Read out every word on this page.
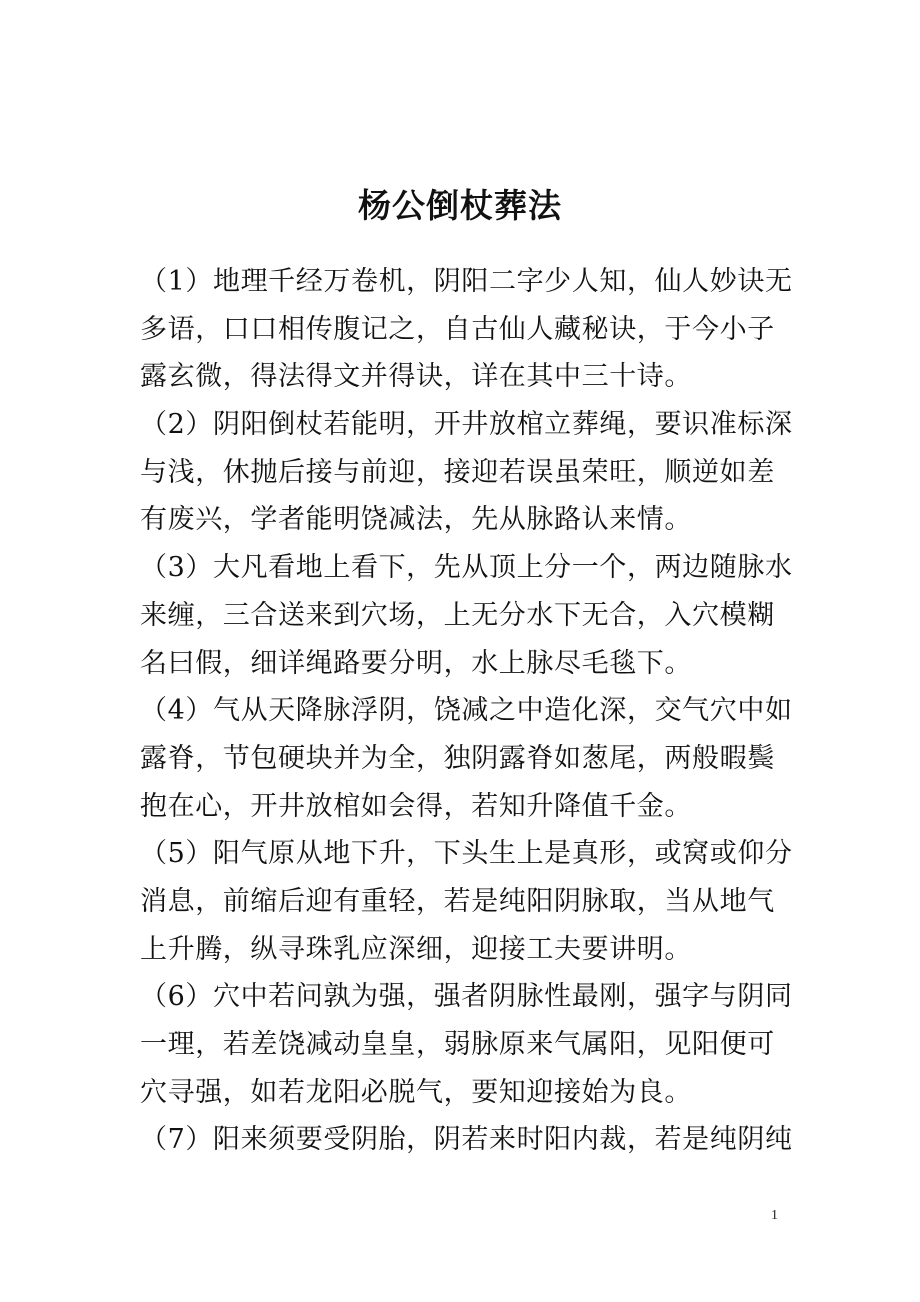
杨公倒杖葬法
（1）地理千经万卷机，阴阳二字少人知，仙人妙诀无
多语，口口相传腹记之，自古仙人藏秘诀，于今小子
露玄微，得法得文并得诀，详在其中三十诗。
（2）阴阳倒杖若能明，开井放棺立葬绳，要识准标深
与浅，休抛后接与前迎，接迎若误虽荣旺，顺逆如差
有废兴，学者能明饶减法，先从脉路认来情。
（3）大凡看地上看下，先从顶上分一个，两边随脉水
来缠，三合送来到穴场，上无分水下无合，入穴模糊
名曰假，细详绳路要分明，水上脉尽毛毯下。
（4）气从天降脉浮阴，饶减之中造化深，交气穴中如
露脊，节包硬块并为全，独阴露脊如葱尾，两般暇鬓
抱在心，开井放棺如会得，若知升降值千金。
（5）阳气原从地下升，下头生上是真形，或窝或仰分
消息，前缩后迎有重轻，若是纯阳阴脉取，当从地气
上升腾，纵寻珠乳应深细，迎接工夫要讲明。
（6）穴中若问孰为强，强者阴脉性最刚，强字与阴同
一理，若差饶减动皇皇，弱脉原来气属阳，见阳便可
穴寻强，如若龙阳必脱气，要知迎接始为良。
（7）阳来须要受阴胎，阴若来时阳内裁，若是纯阴纯
1
